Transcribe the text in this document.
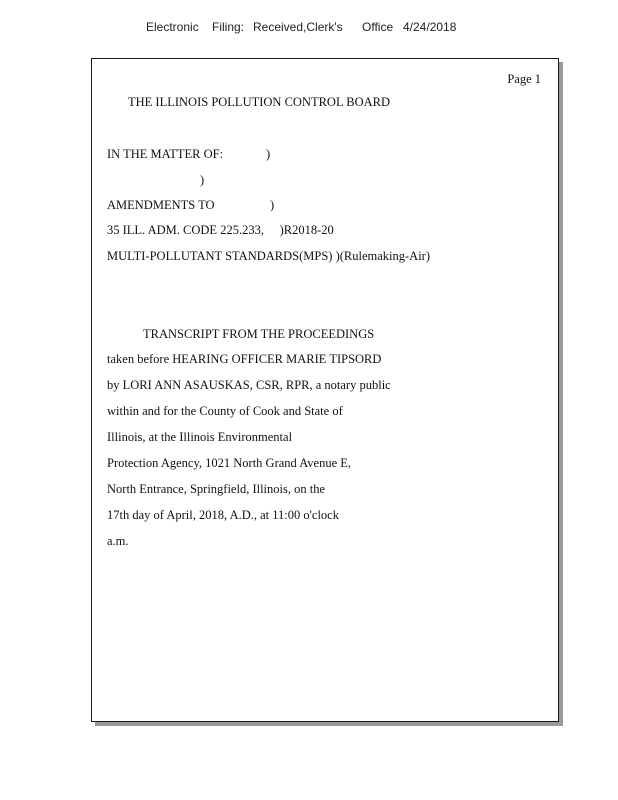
Electronic Filing: Received,Clerk's Office 4/24/2018
Page 1
THE ILLINOIS POLLUTION CONTROL BOARD
IN THE MATTER OF:	)
)
AMENDMENTS TO	)
35 ILL. ADM. CODE 225.233,     )R2018-20
MULTI-POLLUTANT STANDARDS(MPS) )(Rulemaking-Air)
TRANSCRIPT FROM THE PROCEEDINGS
taken before HEARING OFFICER MARIE TIPSORD
by LORI ANN ASAUSKAS, CSR, RPR, a notary public
within and for the County of Cook and State of
Illinois, at the Illinois Environmental
Protection Agency, 1021 North Grand Avenue E,
North Entrance, Springfield, Illinois, on the
17th day of April, 2018, A.D., at 11:00 o'clock
a.m.
